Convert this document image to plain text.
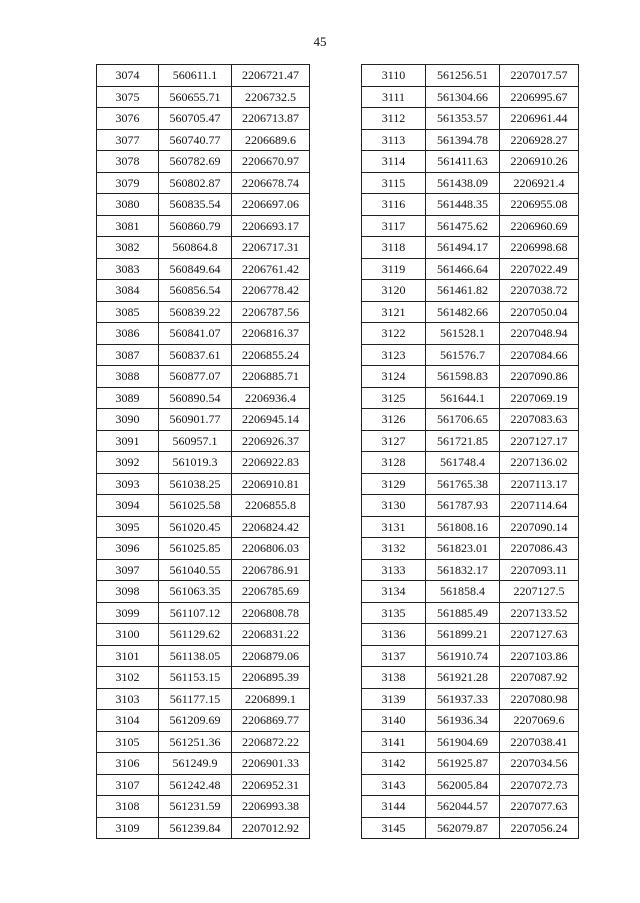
45
3074	560611.1	2206721.47
3075	560655.71	2206732.5
3076	560705.47	2206713.87
3077	560740.77	2206689.6
3078	560782.69	2206670.97
3079	560802.87	2206678.74
3080	560835.54	2206697.06
3081	560860.79	2206693.17
3082	560864.8	2206717.31
3083	560849.64	2206761.42
3084	560856.54	2206778.42
3085	560839.22	2206787.56
3086	560841.07	2206816.37
3087	560837.61	2206855.24
3088	560877.07	2206885.71
3089	560890.54	2206936.4
3090	560901.77	2206945.14
3091	560957.1	2206926.37
3092	561019.3	2206922.83
3093	561038.25	2206910.81
3094	561025.58	2206855.8
3095	561020.45	2206824.42
3096	561025.85	2206806.03
3097	561040.55	2206786.91
3098	561063.35	2206785.69
3099	561107.12	2206808.78
3100	561129.62	2206831.22
3101	561138.05	2206879.06
3102	561153.15	2206895.39
3103	561177.15	2206899.1
3104	561209.69	2206869.77
3105	561251.36	2206872.22
3106	561249.9	2206901.33
3107	561242.48	2206952.31
3108	561231.59	2206993.38
3109	561239.84	2207012.92
3110	561256.51	2207017.57
3111	561304.66	2206995.67
3112	561353.57	2206961.44
3113	561394.78	2206928.27
3114	561411.63	2206910.26
3115	561438.09	2206921.4
3116	561448.35	2206955.08
3117	561475.62	2206960.69
3118	561494.17	2206998.68
3119	561466.64	2207022.49
3120	561461.82	2207038.72
3121	561482.66	2207050.04
3122	561528.1	2207048.94
3123	561576.7	2207084.66
3124	561598.83	2207090.86
3125	561644.1	2207069.19
3126	561706.65	2207083.63
3127	561721.85	2207127.17
3128	561748.4	2207136.02
3129	561765.38	2207113.17
3130	561787.93	2207114.64
3131	561808.16	2207090.14
3132	561823.01	2207086.43
3133	561832.17	2207093.11
3134	561858.4	2207127.5
3135	561885.49	2207133.52
3136	561899.21	2207127.63
3137	561910.74	2207103.86
3138	561921.28	2207087.92
3139	561937.33	2207080.98
3140	561936.34	2207069.6
3141	561904.69	2207038.41
3142	561925.87	2207034.56
3143	562005.84	2207072.73
3144	562044.57	2207077.63
3145	562079.87	2207056.24
